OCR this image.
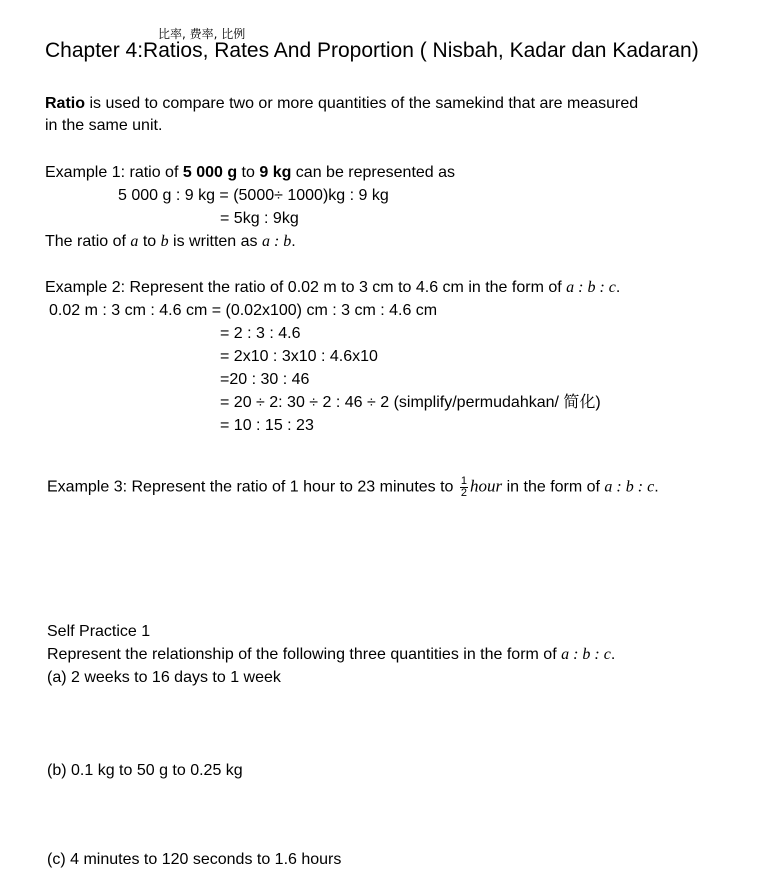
比率, 费率, 比例
Chapter 4:Ratios, Rates And Proportion ( Nisbah, Kadar dan Kadaran)
Ratio is used to compare two or more quantities of the samekind that are measured
in the same unit.
Example 1: ratio of 5 000 g to 9 kg can be represented as
5 000 g : 9 kg = (5000÷ 1000)kg : 9 kg
= 5kg : 9kg
The ratio of a to b is written as a : b.
Example 2: Represent the ratio of 0.02 m to 3 cm to 4.6 cm in the form of a : b : c.
0.02 m : 3 cm : 4.6 cm = (0.02x100) cm : 3 cm : 4.6 cm
= 2 : 3 : 4.6
= 2x10 : 3x10 : 4.6x10
=20 : 30 : 46
= 20 ÷ 2: 30 ÷ 2 : 46 ÷ 2 (simplify/permudahkan/ 简化)
= 10 : 15 : 23
Example 3: Represent the ratio of 1 hour to 23 minutes to $\frac{1}{2}$ hour in the form of a : b : c.
Self Practice 1
Represent the relationship of the following three quantities in the form of a : b : c.
(a) 2 weeks to 16 days to 1 week
(b) 0.1 kg to 50 g to 0.25 kg
(c) 4 minutes to 120 seconds to 1.6 hours
